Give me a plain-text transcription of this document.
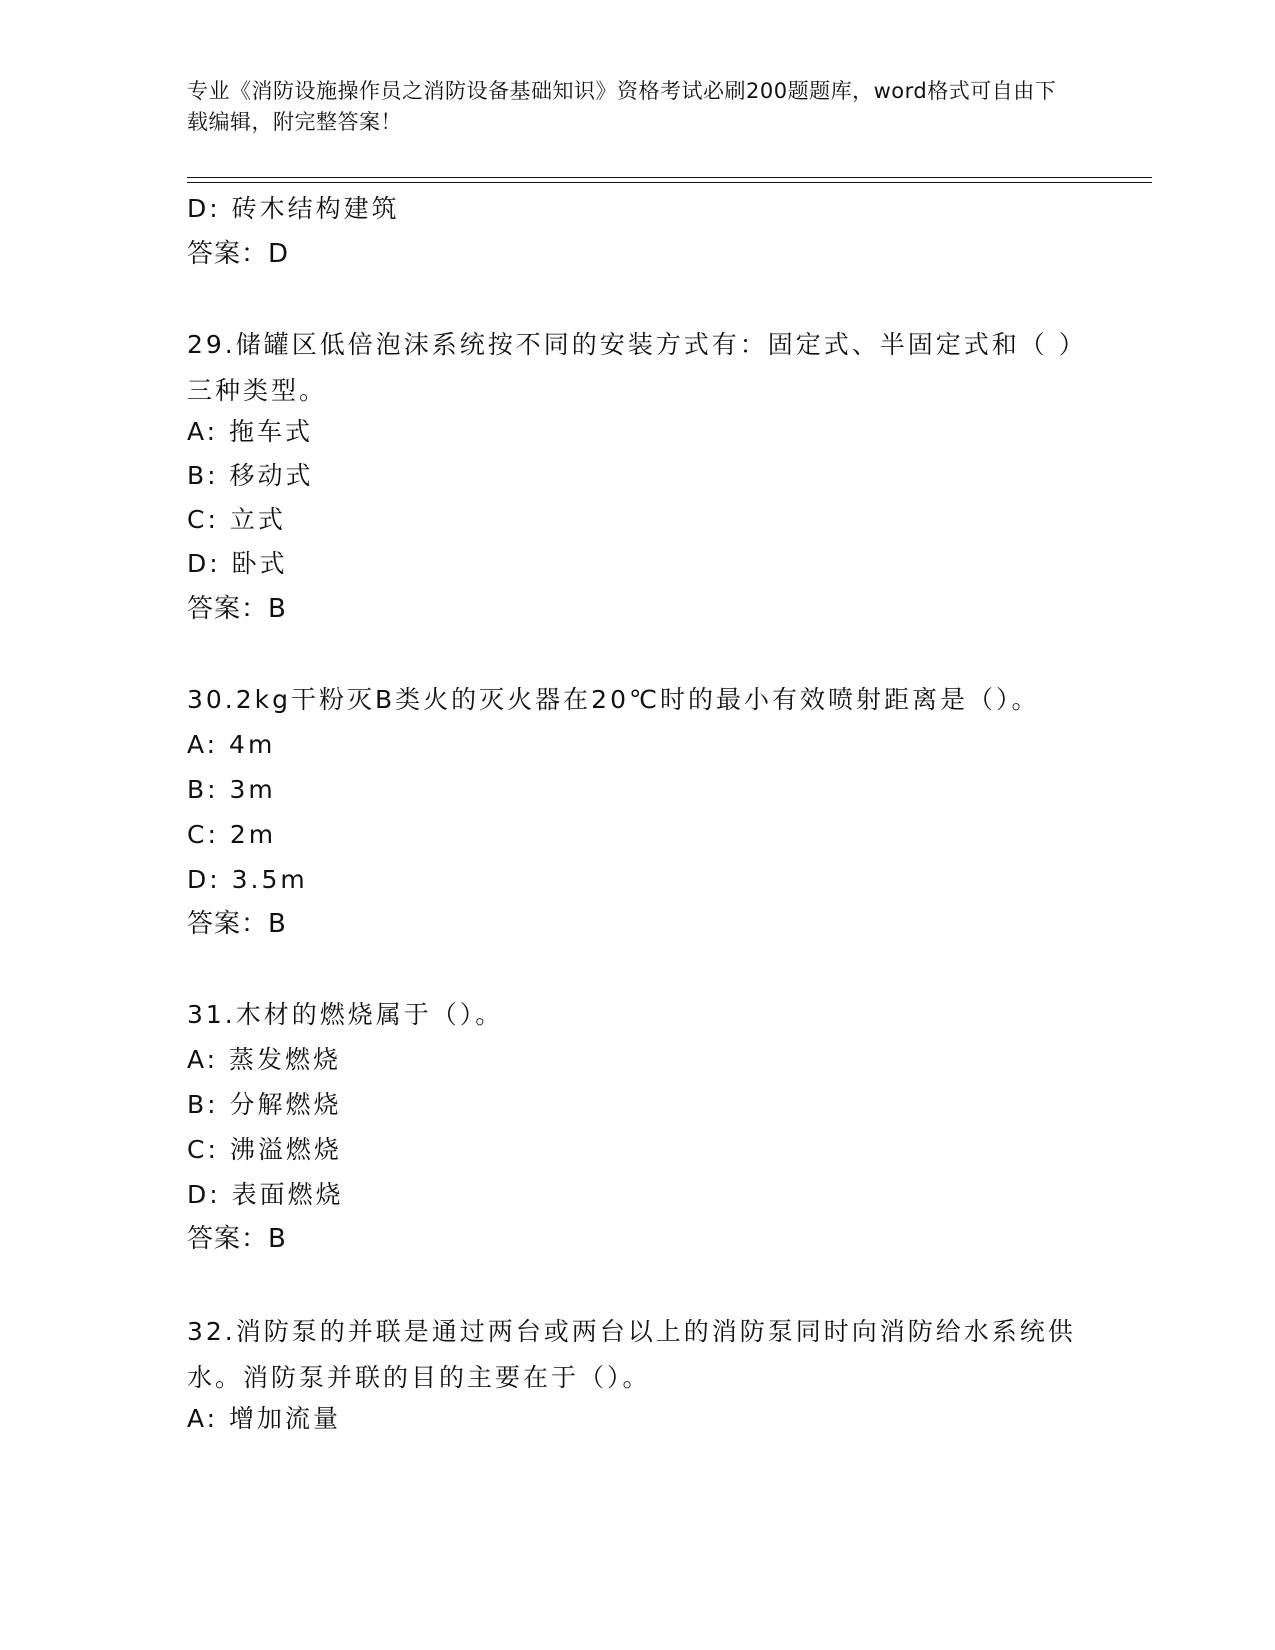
专业《消防设施操作员之消防设备基础知识》资格考试必刷200题题库，word格式可自由下载编辑，附完整答案！
D: 砖木结构建筑
答案：D
29.储罐区低倍泡沫系统按不同的安装方式有：固定式、半固定式和（ ）三种类型。
A: 拖车式
B: 移动式
C: 立式
D: 卧式
答案：B
30.2kg干粉灭B类火的灭火器在20℃时的最小有效喷射距离是（）。
A: 4m
B: 3m
C: 2m
D: 3.5m
答案：B
31.木材的燃烧属于（）。
A: 蒸发燃烧
B: 分解燃烧
C: 沸溢燃烧
D: 表面燃烧
答案：B
32.消防泵的并联是通过两台或两台以上的消防泵同时向消防给水系统供水。消防泵并联的目的主要在于（）。
A: 增加流量
